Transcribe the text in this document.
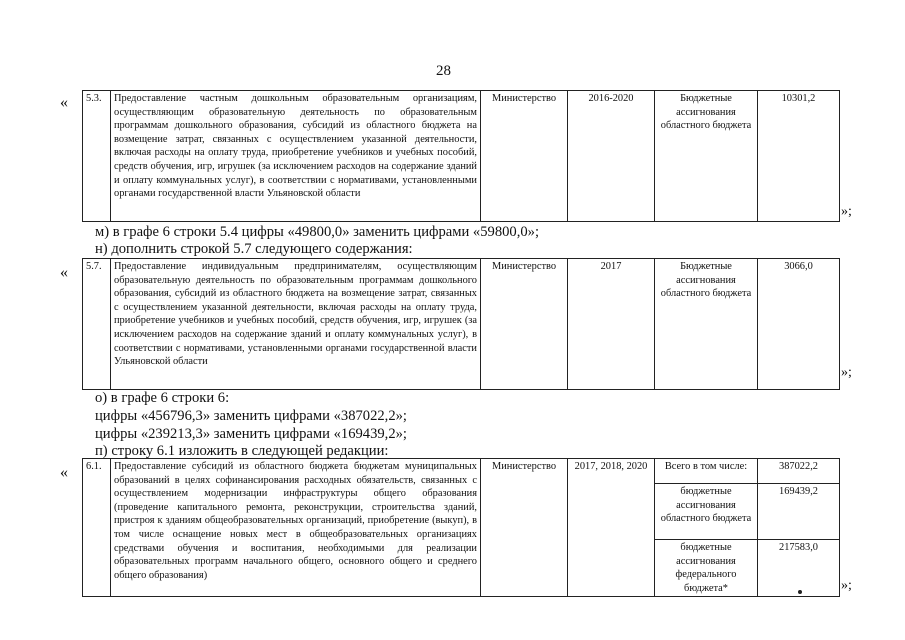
28
« 5.3.	Предоставление частным дошкольным образовательным организациям, осуществляющим образовательную деятельность по образовательным программам дошкольного образования, субсидий из областного бюджета на возмещение затрат, связанных с осуществлением указанной деятельности, включая расходы на оплату труда, приобретение учебников и учебных пособий, средств обучения, игр, игрушек (за исключением расходов на содержание зданий и оплату коммунальных услуг), в соответствии с нормативами, установленными органами государственной власти Ульяновской области	Министерство	2016-2020	Бюджетные ассигнования областного бюджета	10301,2
»;
м) в графе 6 строки 5.4 цифры «49800,0» заменить цифрами «59800,0»;
н) дополнить строкой 5.7 следующего содержания:
« 5.7.	Предоставление индивидуальным предпринимателям, осуществляющим образовательную деятельность по образовательным программам дошкольного образования, субсидий из областного бюджета на возмещение затрат, связанных с осуществлением указанной деятельности, включая расходы на оплату труда, приобретение учебников и учебных пособий, средств обучения, игр, игрушек (за исключением расходов на содержание зданий и оплату коммунальных услуг), в соответствии с нормативами, установленными органами государственной власти Ульяновской области	Министерство	2017	Бюджетные ассигнования областного бюджета	3066,0
»;
о) в графе 6 строки 6:
цифры «456796,3» заменить цифрами «387022,2»;
цифры «239213,3» заменить цифрами «169439,2»;
п) строку 6.1 изложить в следующей редакции:
« 6.1.	Предоставление субсидий из областного бюджета бюджетам муниципальных образований в целях софинансирования расходных обязательств, связанных с осуществлением модернизации инфраструктуры общего образования (проведение капитального ремонта, реконструкции, строительства зданий, пристроя к зданиям общеобразовательных организаций, приобретение (выкуп), в том числе оснащение новых мест в общеобразовательных организациях средствами обучения и воспитания, необходимыми для реализации образовательных программ начального общего, основного общего и среднего общего образования)	Министерство	2017, 2018, 2020	Всего в том числе:	387022,2
				бюджетные ассигнования областного бюджета	169439,2
				бюджетные ассигнования федерального бюджета*	217583,0
»;
